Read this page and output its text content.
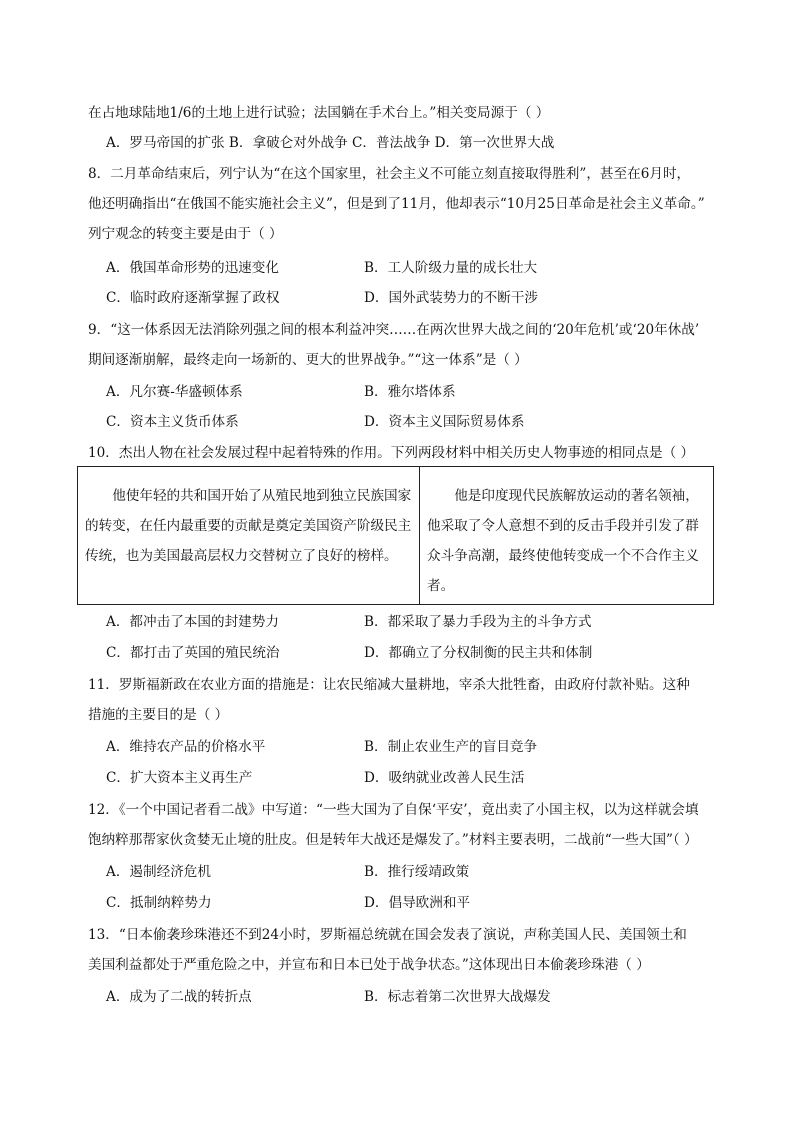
在占地球陆地1/6的土地上进行试验；法国躺在手术台上。”相关变局源于（ ）
A．罗马帝国的扩张 B．拿破仑对外战争 C．普法战争 D．第一次世界大战
8．二月革命结束后，列宁认为“在这个国家里，社会主义不可能立刻直接取得胜利”，甚至在6月时，
他还明确指出“在俄国不能实施社会主义”，但是到了11月，他却表示“10月25日革命是社会主义革命。”
列宁观念的转变主要是由于（ ）
A．俄国革命形势的迅速变化	B．工人阶级力量的成长壮大
C．临时政府逐渐掌握了政权	D．国外武装势力的不断干涉
9．“这一体系因无法消除列强之间的根本利益冲突……在两次世界大战之间的‘20年危机’或‘20年休战’
期间逐渐崩解，最终走向一场新的、更大的世界战争。”“这一体系”是（ ）
A．凡尔赛-华盛顿体系	B．雅尔塔体系
C．资本主义货币体系	D．资本主义国际贸易体系
10．杰出人物在社会发展过程中起着特殊的作用。下列两段材料中相关历史人物事迹的相同点是（ ）
他使年轻的共和国开始了从殖民地到独立民族国家的转变，在任内最重要的贡献是奠定美国资产阶级民主传统，也为美国最高层权力交替树立了良好的榜样。	他是印度现代民族解放运动的著名领袖，他采取了令人意想不到的反击手段并引发了群众斗争高潮，最终使他转变成一个不合作主义者。
A．都冲击了本国的封建势力	B．都采取了暴力手段为主的斗争方式
C．都打击了英国的殖民统治	D．都确立了分权制衡的民主共和体制
11．罗斯福新政在农业方面的措施是：让农民缩减大量耕地，宰杀大批牲畜，由政府付款补贴。这种
措施的主要目的是（ ）
A．维持农产品的价格水平	B．制止农业生产的盲目竞争
C．扩大资本主义再生产	D．吸纳就业改善人民生活
12．《一个中国记者看二战》中写道：“一些大国为了自保‘平安’，竟出卖了小国主权，以为这样就会填
饱纳粹那帮家伙贪婪无止境的肚皮。但是转年大战还是爆发了。”材料主要表明，二战前“一些大国”（ ）
A．遏制经济危机	B．推行绥靖政策
C．抵制纳粹势力	D．倡导欧洲和平
13．“日本偷袭珍珠港还不到24小时，罗斯福总统就在国会发表了演说，声称美国人民、美国领土和
美国利益都处于严重危险之中，并宣布和日本已处于战争状态。”这体现出日本偷袭珍珠港（ ）
A．成为了二战的转折点	B．标志着第二次世界大战爆发
